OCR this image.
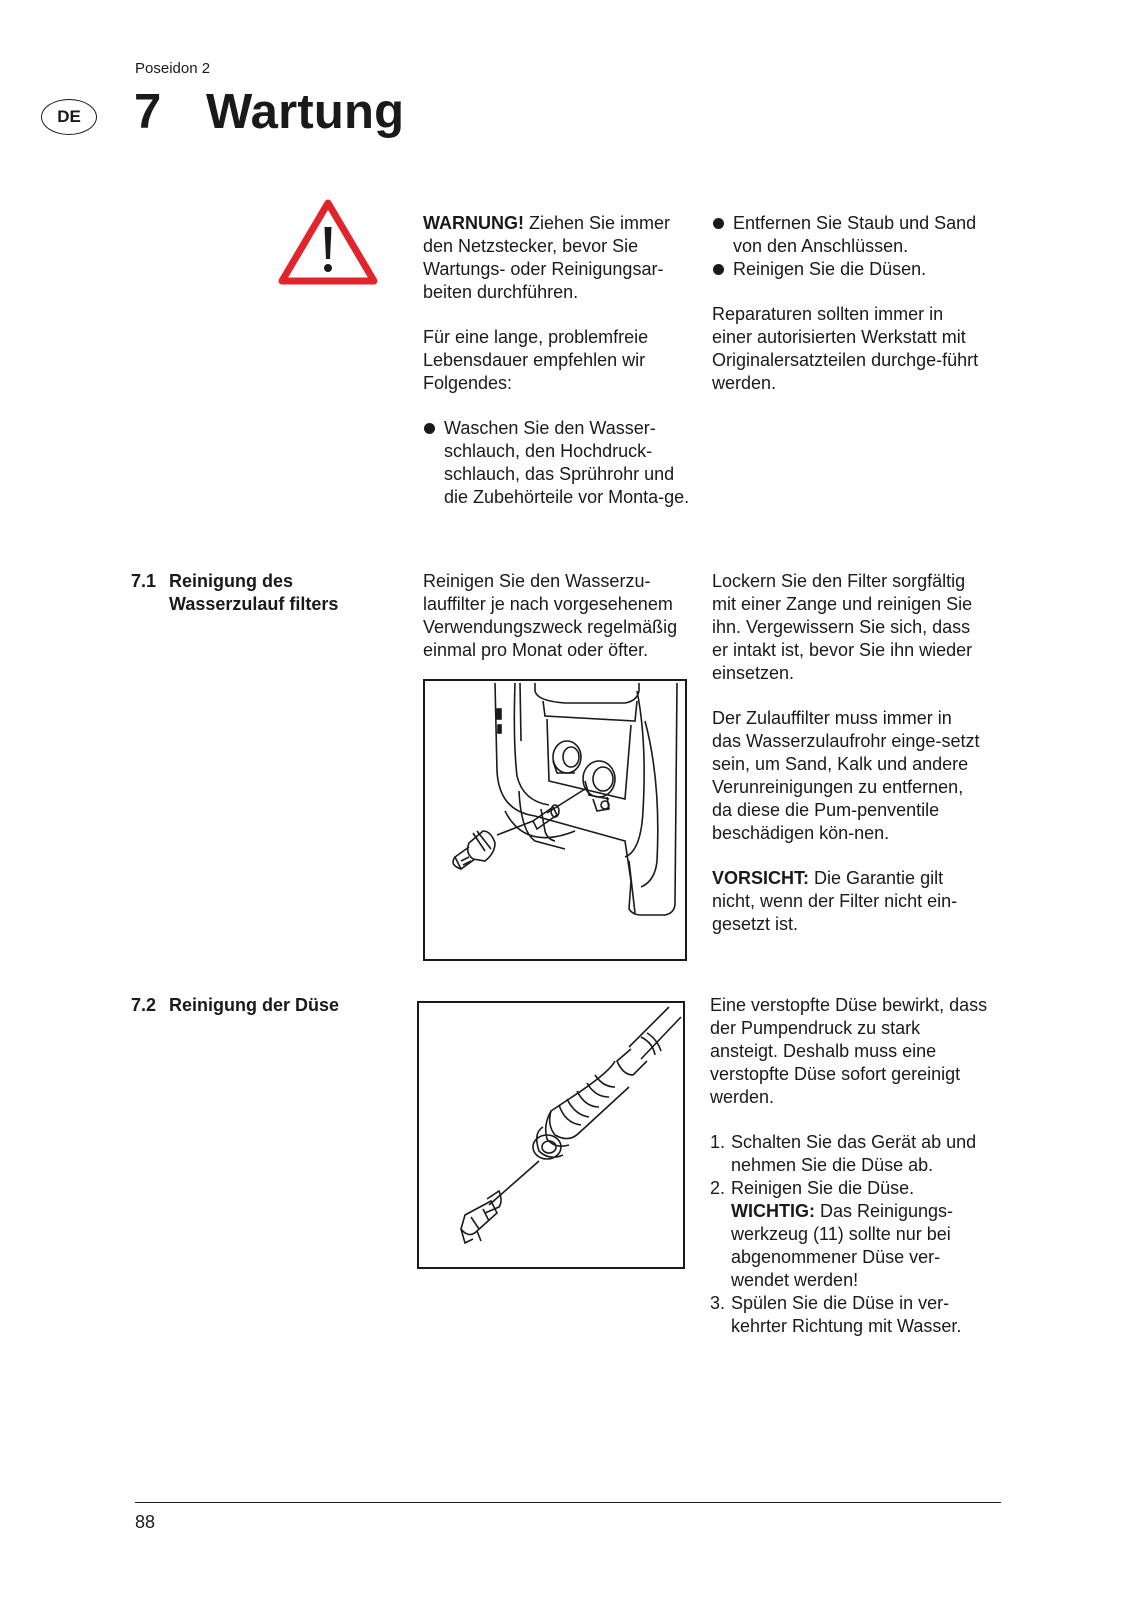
Poseidon 2
DE	7 Wartung

WARNUNG! Ziehen Sie immer den Netzstecker, bevor Sie Wartungs- oder Reinigungsar-beiten durchführen.

Für eine lange, problemfreie Lebensdauer empfehlen wir Folgendes:

Waschen Sie den Wasser-schlauch, den Hochdruck-schlauch, das Sprührohr und die Zubehörteile vor Monta-ge.
Entfernen Sie Staub und Sand von den Anschlüssen.
Reinigen Sie die Düsen.

Reparaturen sollten immer in einer autorisierten Werkstatt mit Originalersatzteilen durchge-führt werden.

7.1 Reinigung des
Wasserzulauf filters
Reinigen Sie den Wasserzu-lauffilter je nach vorgesehenem Verwendungszweck regelmäßig einmal pro Monat oder öfter.

Lockern Sie den Filter sorgfältig mit einer Zange und reinigen Sie ihn. Vergewissern Sie sich, dass er intakt ist, bevor Sie ihn wieder einsetzen.

Der Zulauffilter muss immer in das Wasserzulaufrohr einge-setzt sein, um Sand, Kalk und andere Verunreinigungen zu entfernen, da diese die Pum-penventile beschädigen kön-nen.

VORSICHT: Die Garantie gilt nicht, wenn der Filter nicht ein-gesetzt ist.

7.2 Reinigung der Düse	Eine verstopfte Düse bewirkt, dass der Pumpendruck zu stark ansteigt. Deshalb muss eine verstopfte Düse sofort gereinigt werden.

1. Schalten Sie das Gerät ab und nehmen Sie die Düse ab.
2. Reinigen Sie die Düse.
WICHTIG: Das Reinigungs-werkzeug (11) sollte nur bei abgenommener Düse ver-wendet werden!
3. Spülen Sie die Düse in ver-kehrter Richtung mit Wasser.
88
